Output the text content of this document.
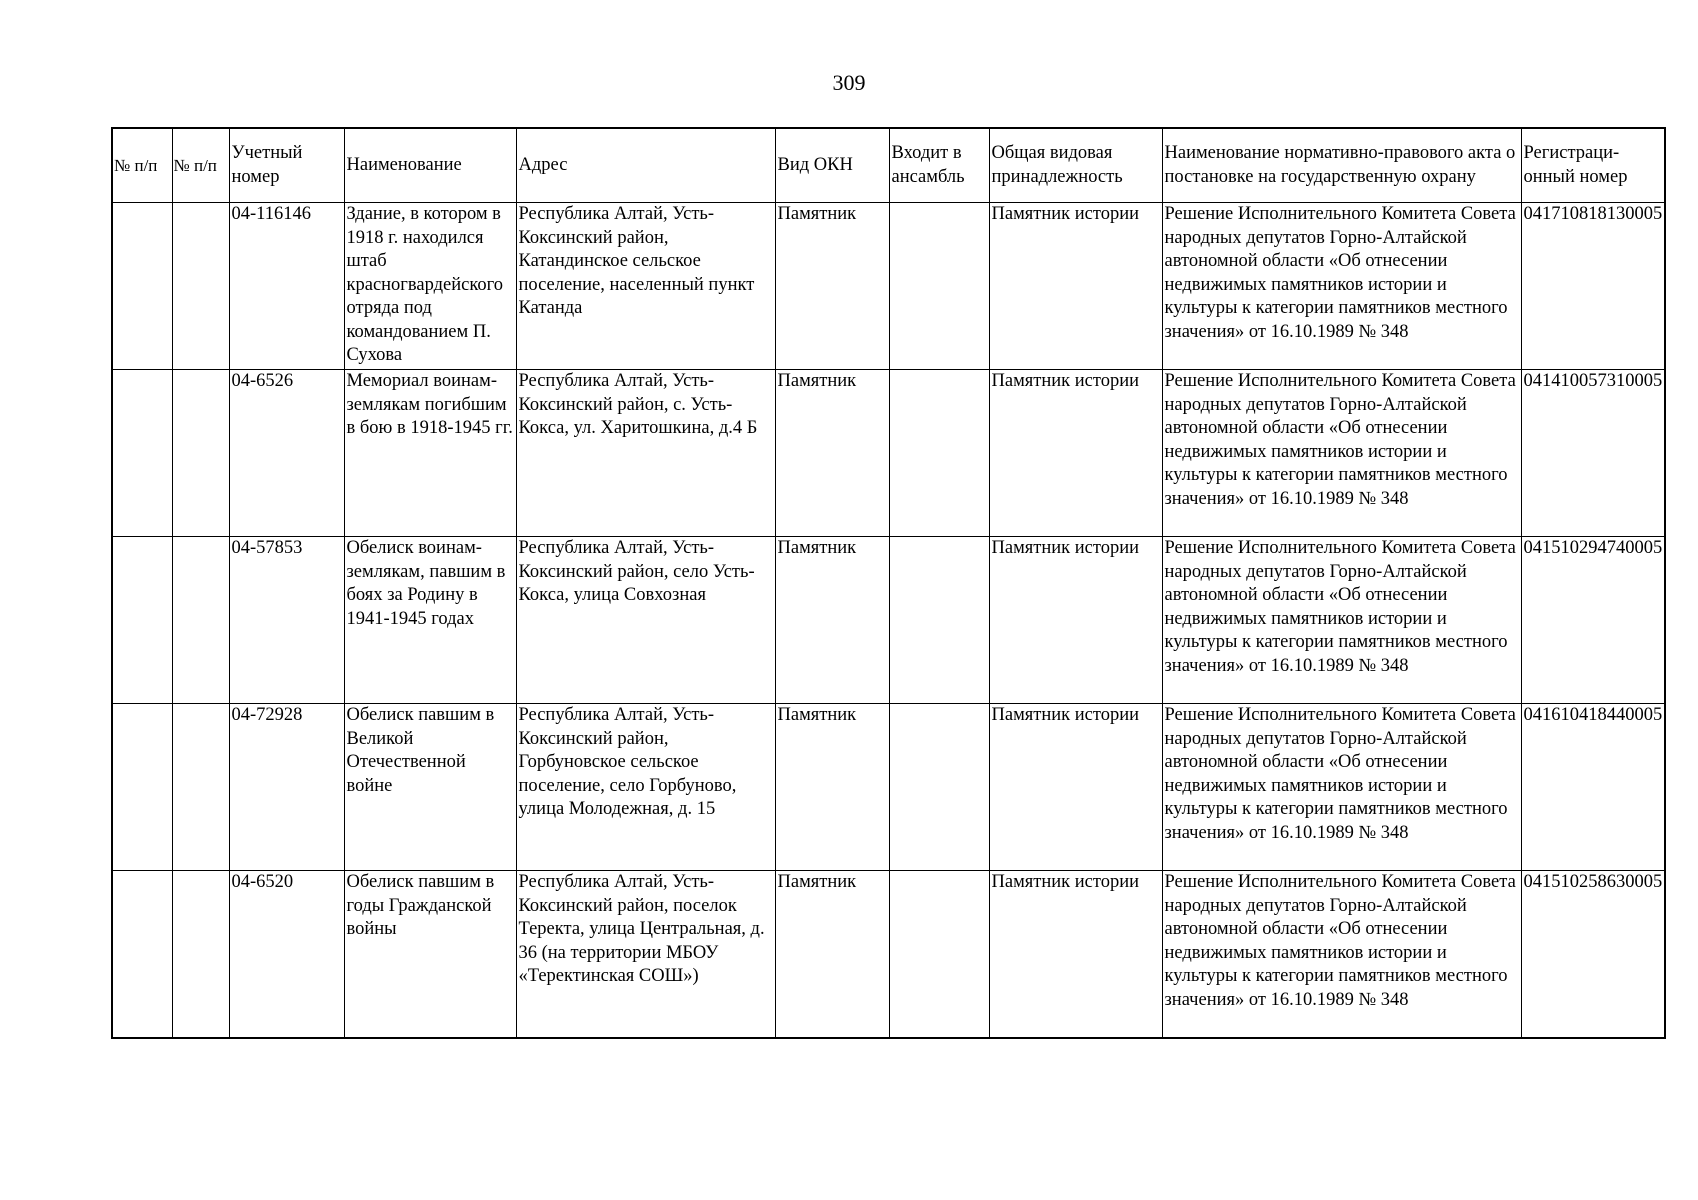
309
№ п/п	№ п/п	Учетный номер	Наименование	Адрес	Вид ОКН	Входит в ансамбль	Общая видовая принадлежность	Наименование нормативно-правового акта о постановке на государственную охрану	Регистраци-онный номер
		04-116146	Здание, в котором в 1918 г. находился штаб красногвардейского отряда под командованием П. Сухова	Республика Алтай, Усть-Коксинский район, Катандинское сельское поселение, населенный пункт Катанда	Памятник		Памятник истории	Решение Исполнительного Комитета Совета народных депутатов Горно-Алтайской автономной области «Об отнесении недвижимых памятников истории и культуры к категории памятников местного значения» от 16.10.1989 № 348	041710818130005
		04-6526	Мемориал воинам-землякам погибшим в бою в 1918-1945 гг.	Республика Алтай, Усть-Коксинский район, с. Усть-Кокса, ул. Харитошкина, д.4 Б	Памятник		Памятник истории	Решение Исполнительного Комитета Совета народных депутатов Горно-Алтайской автономной области «Об отнесении недвижимых памятников истории и культуры к категории памятников местного значения» от 16.10.1989 № 348	041410057310005
		04-57853	Обелиск воинам-землякам, павшим в боях за Родину в 1941-1945 годах	Республика Алтай, Усть-Коксинский район, село Усть-Кокса, улица Совхозная	Памятник		Памятник истории	Решение Исполнительного Комитета Совета народных депутатов Горно-Алтайской автономной области «Об отнесении недвижимых памятников истории и культуры к категории памятников местного значения» от 16.10.1989 № 348	041510294740005
		04-72928	Обелиск павшим в Великой Отечественной войне	Республика Алтай, Усть-Коксинский район, Горбуновское сельское поселение, село Горбуново, улица Молодежная, д. 15	Памятник		Памятник истории	Решение Исполнительного Комитета Совета народных депутатов Горно-Алтайской автономной области «Об отнесении недвижимых памятников истории и культуры к категории памятников местного значения» от 16.10.1989 № 348	041610418440005
		04-6520	Обелиск павшим в годы Гражданской войны	Республика Алтай, Усть-Коксинский район, поселок Теректа, улица Центральная, д. 36 (на территории МБОУ «Теректинская СОШ»)	Памятник		Памятник истории	Решение Исполнительного Комитета Совета народных депутатов Горно-Алтайской автономной области «Об отнесении недвижимых памятников истории и культуры к категории памятников местного значения» от 16.10.1989 № 348	041510258630005
